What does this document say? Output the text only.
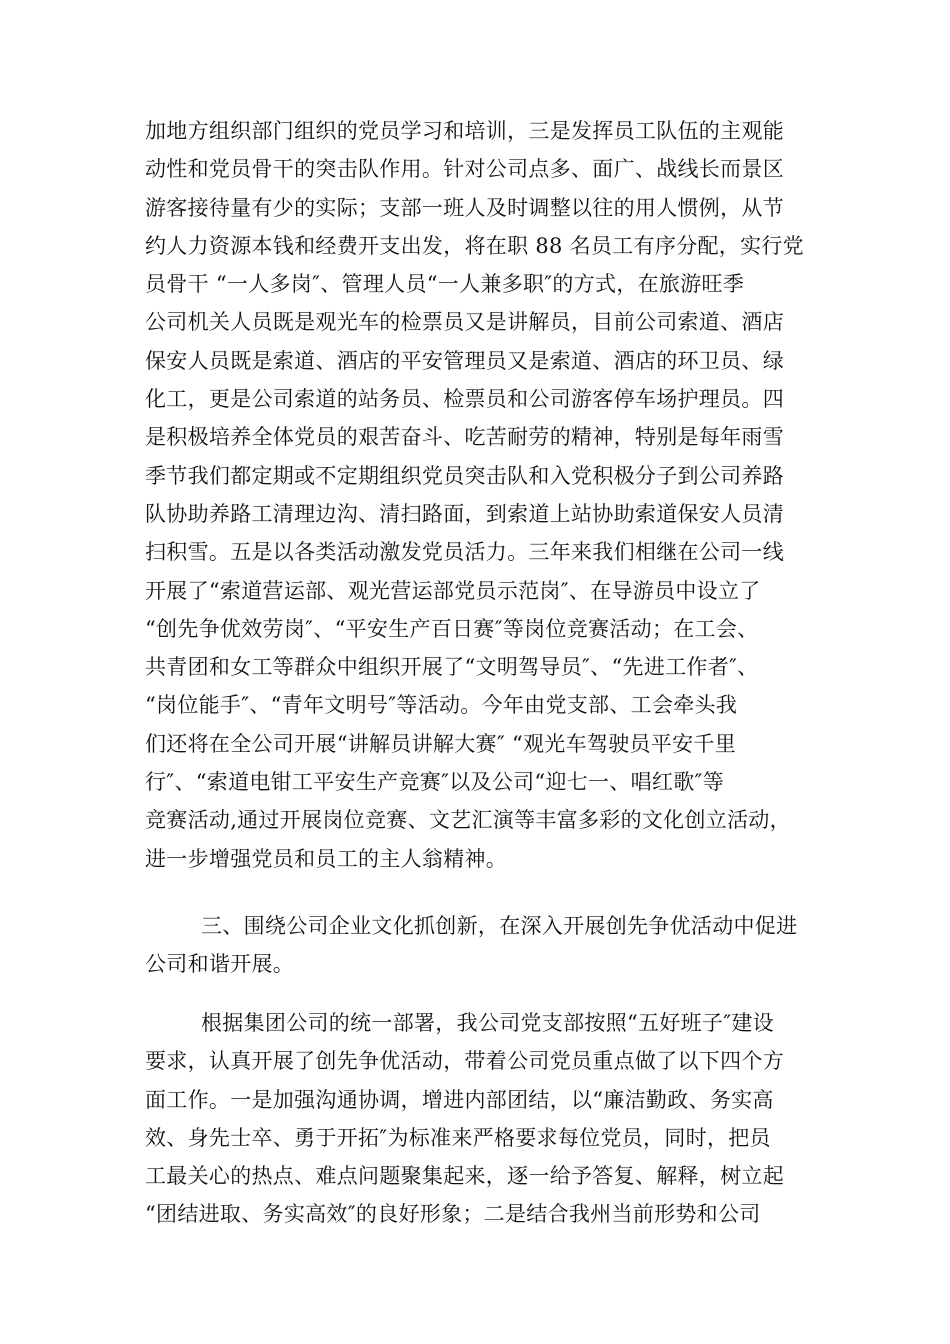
加地方组织部门组织的党员学习和培训，三是发挥员工队伍的主观能
动性和党员骨干的突击队作用。针对公司点多、面广、战线长而景区
游客接待量有少的实际；支部一班人及时调整以往的用人惯例，从节
约人力资源本钱和经费开支出发，将在职 88 名员工有序分配，实行党
员骨干 “一人多岗″、管理人员“一人兼多职″的方式，在旅游旺季
公司机关人员既是观光车的检票员又是讲解员，目前公司索道、酒店
保安人员既是索道、酒店的平安管理员又是索道、酒店的环卫员、绿
化工，更是公司索道的站务员、检票员和公司游客停车场护理员。四
是积极培养全体党员的艰苦奋斗、吃苦耐劳的精神，特别是每年雨雪
季节我们都定期或不定期组织党员突击队和入党积极分子到公司养路
队协助养路工清理边沟、清扫路面，到索道上站协助索道保安人员清
扫积雪。五是以各类活动激发党员活力。三年来我们相继在公司一线
开展了“索道营运部、观光营运部党员示范岗″、在导游员中设立了
“创先争优效劳岗″、“平安生产百日赛″等岗位竞赛活动；在工会、
共青团和女工等群众中组织开展了“文明驾导员″、“先进工作者″、
“岗位能手″、“青年文明号″等活动。今年由党支部、工会牵头我
们还将在全公司开展“讲解员讲解大赛″ “观光车驾驶员平安千里
行″、“索道电钳工平安生产竞赛″以及公司“迎七一、唱红歌″等
竞赛活动,通过开展岗位竞赛、文艺汇演等丰富多彩的文化创立活动，
进一步增强党员和员工的主人翁精神。
三、围绕公司企业文化抓创新，在深入开展创先争优活动中促进
公司和谐开展。
根据集团公司的统一部署，我公司党支部按照“五好班子″建设
要求，认真开展了创先争优活动，带着公司党员重点做了以下四个方
面工作。一是加强沟通协调，增进内部团结，以“廉洁勤政、务实高
效、身先士卒、勇于开拓″为标准来严格要求每位党员，同时，把员
工最关心的热点、难点问题聚集起来，逐一给予答复、解释，树立起
“团结进取、务实高效″的良好形象；二是结合我州当前形势和公司
